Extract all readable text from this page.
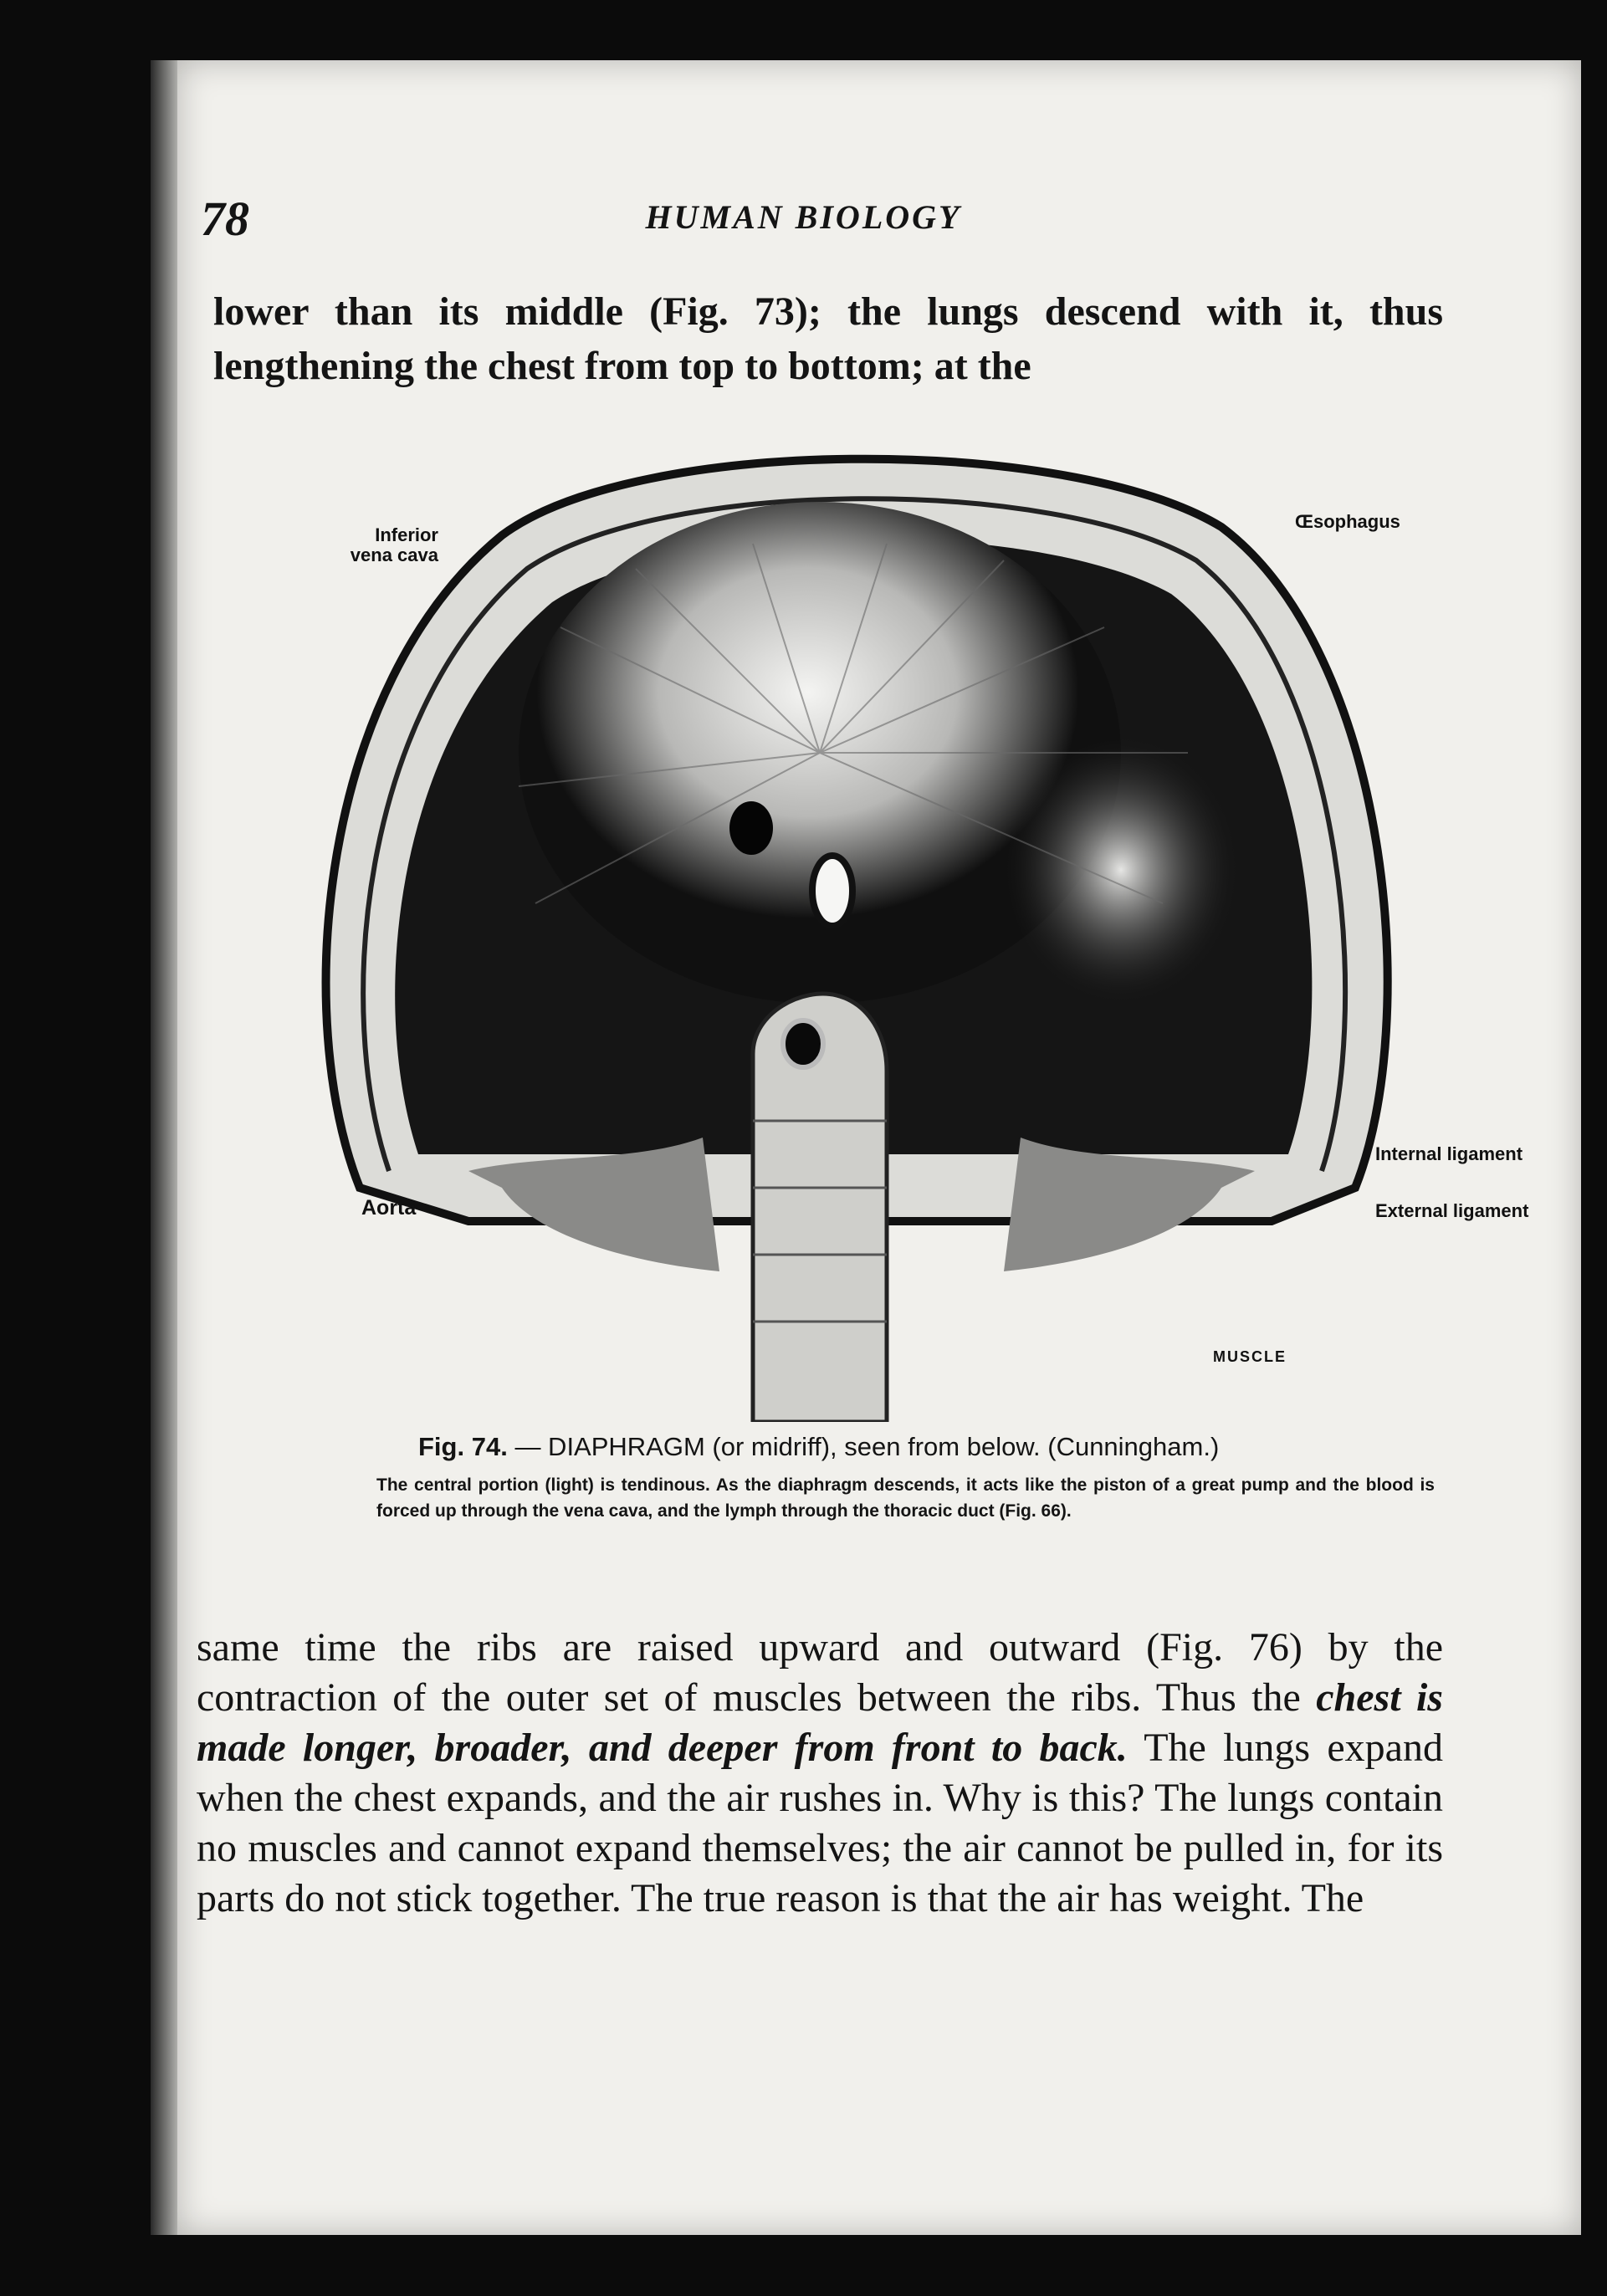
78	HUMAN BIOLOGY
lower than its middle (Fig. 73); the lungs descend with it, thus lengthening the chest from top to bottom; at the
Inferior vena cava
Œsophagus
Aorta
Internal ligament
External ligament
MUSCLE
Fig. 74. — DIAPHRAGM (or midriff), seen from below. (Cunningham.)
The central portion (light) is tendinous. As the diaphragm descends, it acts like the piston of a great pump and the blood is forced up through the vena cava, and the lymph through the thoracic duct (Fig. 66).
same time the ribs are raised upward and outward (Fig. 76) by the contraction of the outer set of muscles between the ribs. Thus the chest is made longer, broader, and deeper from front to back. The lungs expand when the chest expands, and the air rushes in. Why is this? The lungs contain no muscles and cannot expand themselves; the air cannot be pulled in, for its parts do not stick together. The true reason is that the air has weight. The
